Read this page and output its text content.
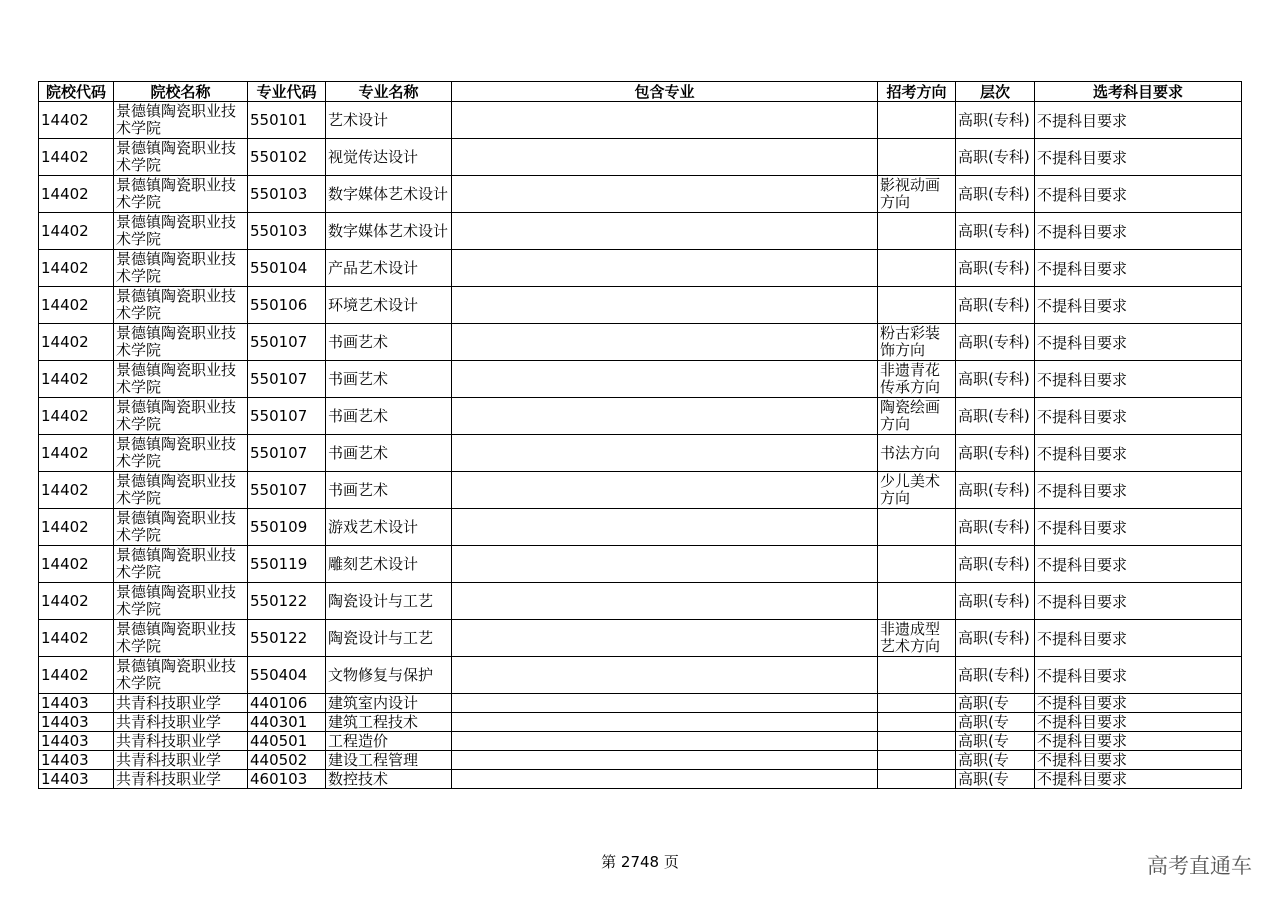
院校代码	院校名称	专业代码	专业名称	包含专业	招考方向	层次	选考科目要求
14402	景德镇陶瓷职业技术学院	550101	艺术设计			高职(专科)	不提科目要求
14402	景德镇陶瓷职业技术学院	550102	视觉传达设计			高职(专科)	不提科目要求
14402	景德镇陶瓷职业技术学院	550103	数字媒体艺术设计		影视动画方向	高职(专科)	不提科目要求
14402	景德镇陶瓷职业技术学院	550103	数字媒体艺术设计			高职(专科)	不提科目要求
14402	景德镇陶瓷职业技术学院	550104	产品艺术设计			高职(专科)	不提科目要求
14402	景德镇陶瓷职业技术学院	550106	环境艺术设计			高职(专科)	不提科目要求
14402	景德镇陶瓷职业技术学院	550107	书画艺术		粉古彩装饰方向	高职(专科)	不提科目要求
14402	景德镇陶瓷职业技术学院	550107	书画艺术		非遗青花传承方向	高职(专科)	不提科目要求
14402	景德镇陶瓷职业技术学院	550107	书画艺术		陶瓷绘画方向	高职(专科)	不提科目要求
14402	景德镇陶瓷职业技术学院	550107	书画艺术		书法方向	高职(专科)	不提科目要求
14402	景德镇陶瓷职业技术学院	550107	书画艺术		少儿美术方向	高职(专科)	不提科目要求
14402	景德镇陶瓷职业技术学院	550109	游戏艺术设计			高职(专科)	不提科目要求
14402	景德镇陶瓷职业技术学院	550119	雕刻艺术设计			高职(专科)	不提科目要求
14402	景德镇陶瓷职业技术学院	550122	陶瓷设计与工艺			高职(专科)	不提科目要求
14402	景德镇陶瓷职业技术学院	550122	陶瓷设计与工艺		非遗成型艺术方向	高职(专科)	不提科目要求
14402	景德镇陶瓷职业技术学院	550404	文物修复与保护			高职(专科)	不提科目要求
14403	共青科技职业学	440106	建筑室内设计			高职(专	不提科目要求
14403	共青科技职业学	440301	建筑工程技术			高职(专	不提科目要求
14403	共青科技职业学	440501	工程造价			高职(专	不提科目要求
14403	共青科技职业学	440502	建设工程管理			高职(专	不提科目要求
14403	共青科技职业学	460103	数控技术			高职(专	不提科目要求
第 2748 页	高考直通车
